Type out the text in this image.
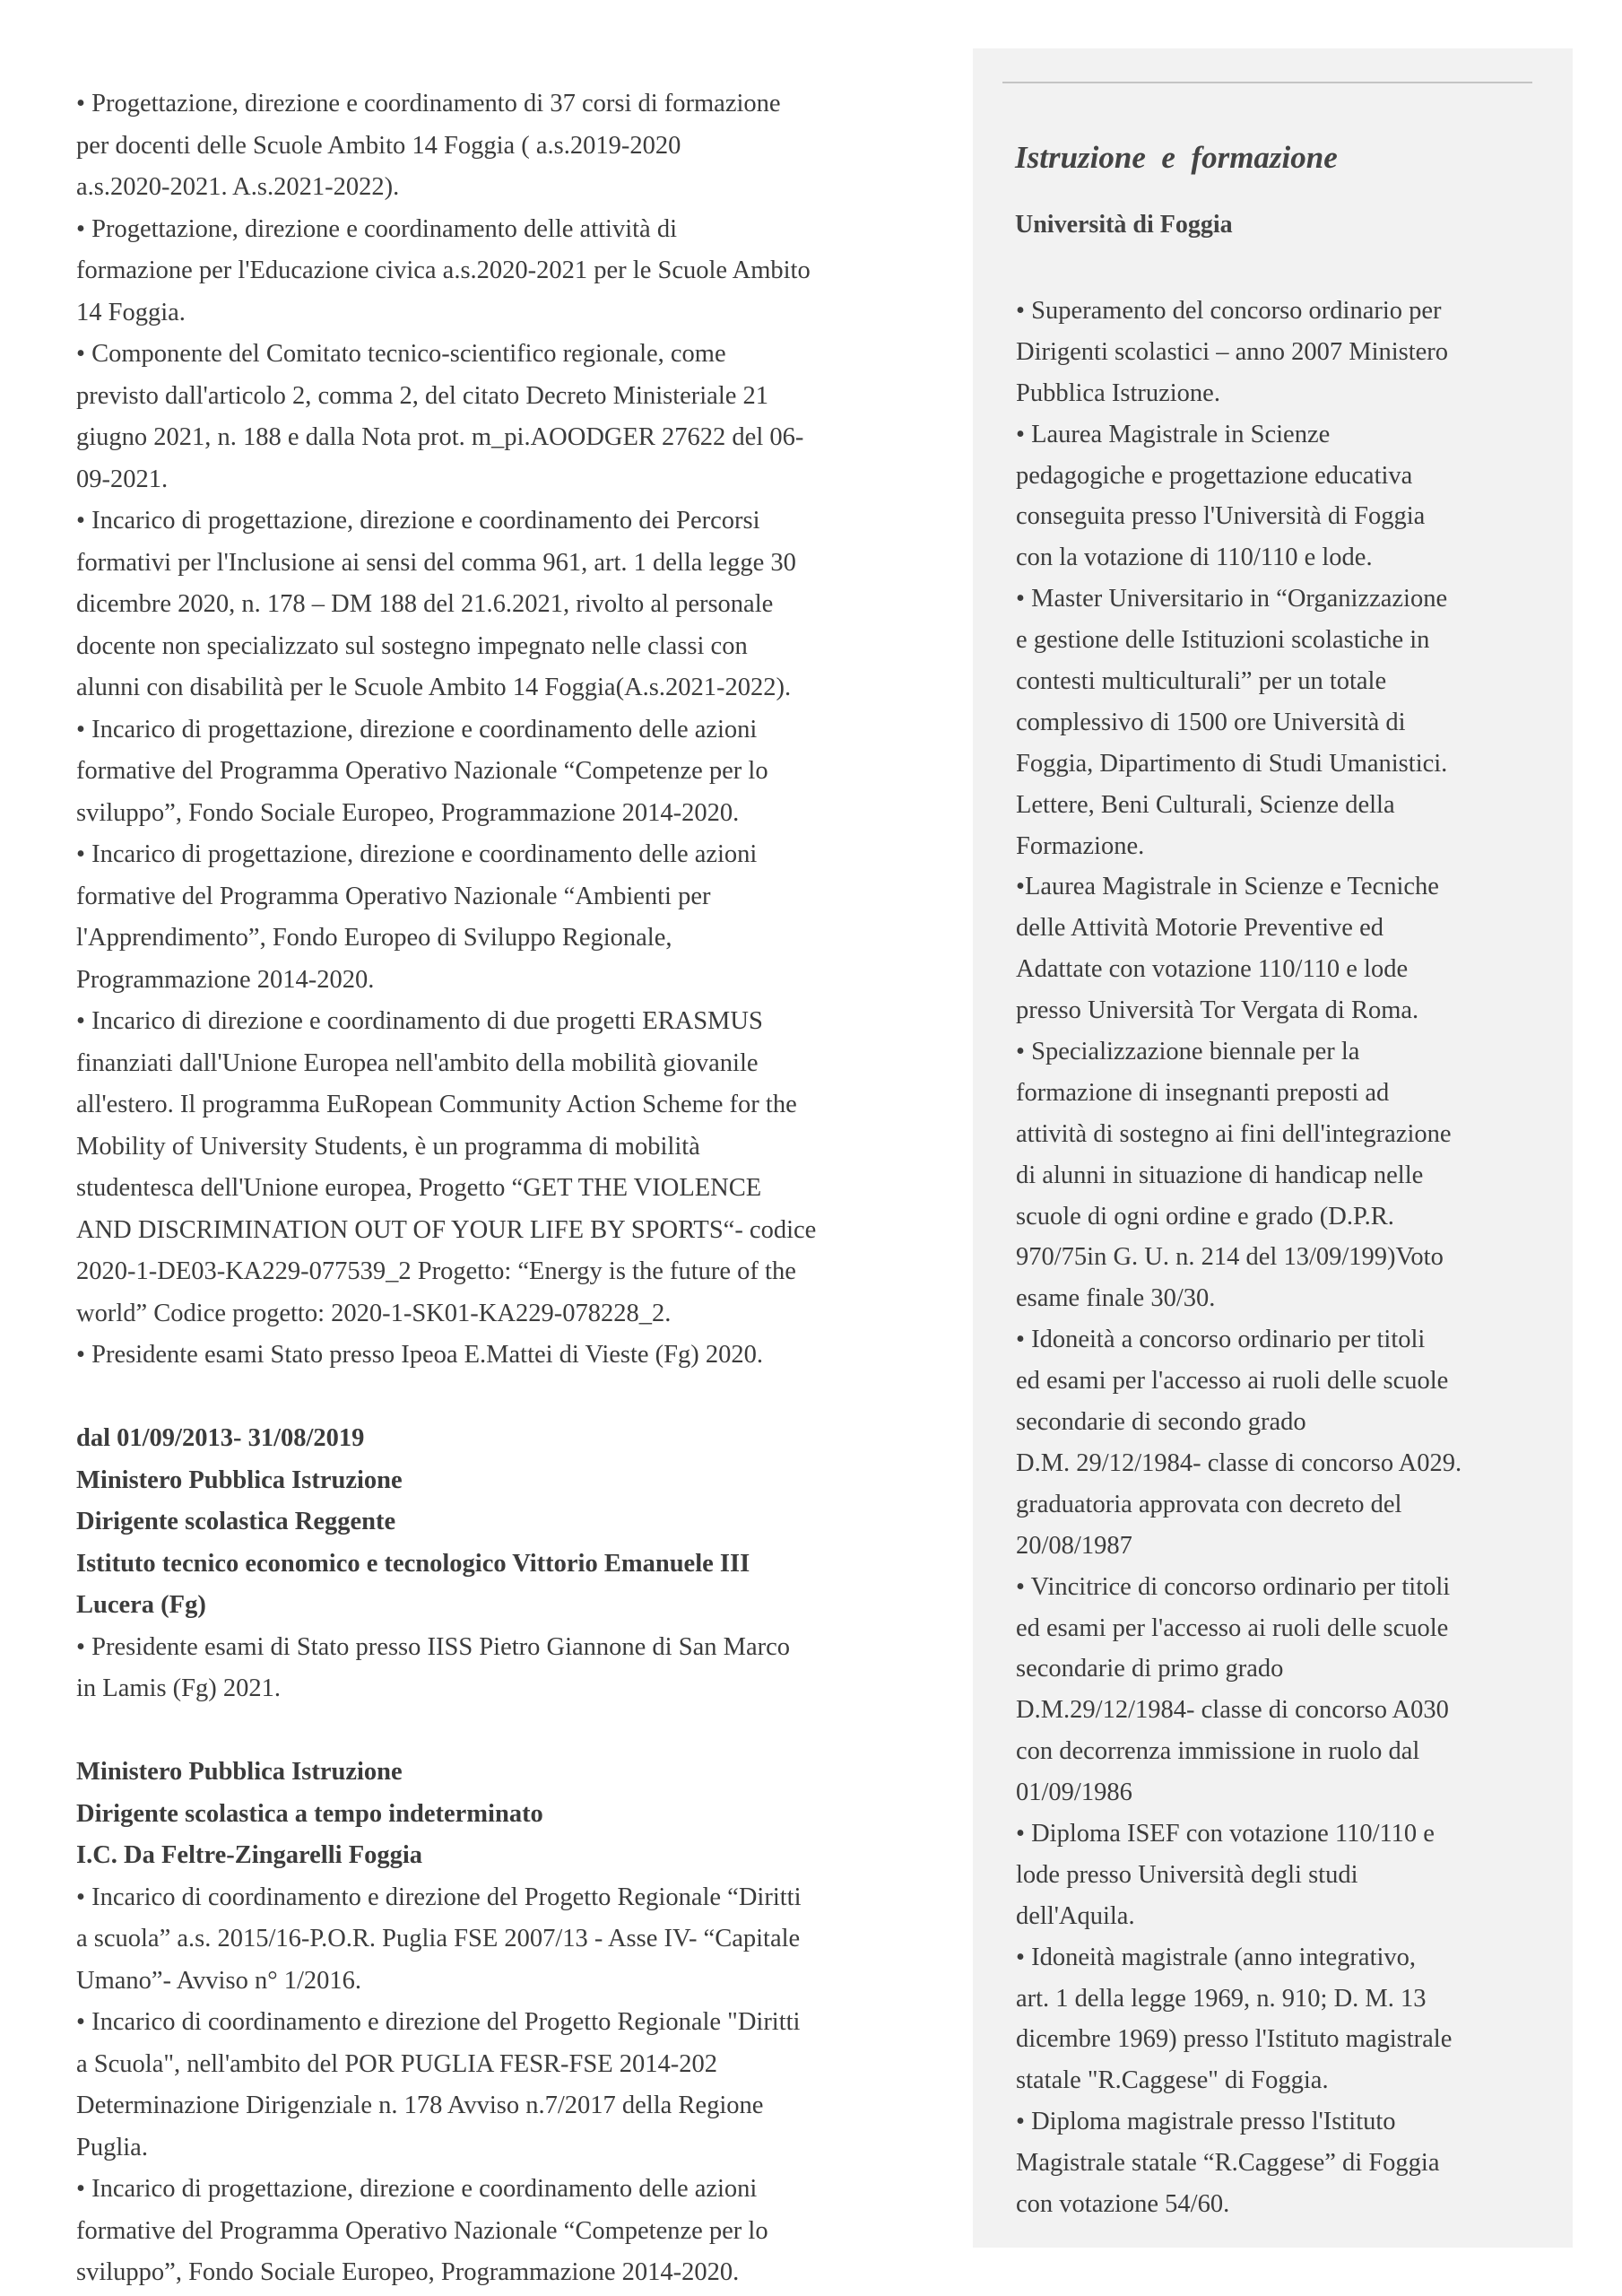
• Progettazione, direzione e coordinamento di 37 corsi di formazione
per docenti delle Scuole Ambito 14 Foggia ( a.s.2019-2020
a.s.2020-2021. A.s.2021-2022).
• Progettazione, direzione e coordinamento delle attività di
formazione per l'Educazione civica a.s.2020-2021 per le Scuole Ambito
14 Foggia.
• Componente del Comitato tecnico-scientifico regionale, come
previsto dall'articolo 2, comma 2, del citato Decreto Ministeriale 21
giugno 2021, n. 188 e dalla Nota prot. m_pi.AOODGER 27622 del 06-
09-2021.
• Incarico di progettazione, direzione e coordinamento dei Percorsi
formativi per l'Inclusione ai sensi del comma 961, art. 1 della legge 30
dicembre 2020, n. 178 – DM 188 del 21.6.2021, rivolto al personale
docente non specializzato sul sostegno impegnato nelle classi con
alunni con disabilità per le Scuole Ambito 14 Foggia(A.s.2021-2022).
• Incarico di progettazione, direzione e coordinamento delle azioni
formative del Programma Operativo Nazionale “Competenze per lo
sviluppo”, Fondo Sociale Europeo, Programmazione 2014-2020.
• Incarico di progettazione, direzione e coordinamento delle azioni
formative del Programma Operativo Nazionale “Ambienti per
l'Apprendimento”, Fondo Europeo di Sviluppo Regionale,
Programmazione 2014-2020.
• Incarico di direzione e coordinamento di due progetti ERASMUS
finanziati dall'Unione Europea nell'ambito della mobilità giovanile
all'estero. Il programma EuRopean Community Action Scheme for the
Mobility of University Students, è un programma di mobilità
studentesca dell'Unione europea, Progetto “GET THE VIOLENCE
AND DISCRIMINATION OUT OF YOUR LIFE BY SPORTS“- codice
2020-1-DE03-KA229-077539_2 Progetto: “Energy is the future of the
world” Codice progetto: 2020-1-SK01-KA229-078228_2.
• Presidente esami Stato presso Ipeoa E.Mattei di Vieste (Fg) 2020.
dal 01/09/2013- 31/08/2019
Ministero Pubblica Istruzione
Dirigente scolastica Reggente
Istituto tecnico economico e tecnologico Vittorio Emanuele III
Lucera (Fg)
• Presidente esami di Stato presso IISS Pietro Giannone di San Marco
in Lamis (Fg) 2021.
Ministero Pubblica Istruzione
Dirigente scolastica a tempo indeterminato
I.C. Da Feltre-Zingarelli Foggia
• Incarico di coordinamento e direzione del Progetto Regionale “Diritti
a scuola” a.s. 2015/16-P.O.R. Puglia FSE 2007/13 - Asse IV- “Capitale
Umano”- Avviso n° 1/2016.
• Incarico di coordinamento e direzione del Progetto Regionale "Diritti
a Scuola", nell'ambito del POR PUGLIA FESR-FSE 2014-202
Determinazione Dirigenziale n. 178 Avviso n.7/2017 della Regione
Puglia.
• Incarico di progettazione, direzione e coordinamento delle azioni
formative del Programma Operativo Nazionale “Competenze per lo
sviluppo”, Fondo Sociale Europeo, Programmazione 2014-2020.
Istruzione  e  formazione
Università di Foggia
• Superamento del concorso ordinario per
Dirigenti scolastici – anno 2007 Ministero
Pubblica Istruzione.
• Laurea Magistrale in Scienze
pedagogiche e progettazione educativa
conseguita presso l'Università di Foggia
con la votazione di 110/110 e lode.
• Master Universitario in “Organizzazione
e gestione delle Istituzioni scolastiche in
contesti multiculturali” per un totale
complessivo di 1500 ore Università di
Foggia, Dipartimento di Studi Umanistici.
Lettere, Beni Culturali, Scienze della
Formazione.
•Laurea Magistrale in Scienze e Tecniche
delle Attività Motorie Preventive ed
Adattate con votazione 110/110 e lode
presso Università Tor Vergata di Roma.
• Specializzazione biennale per la
formazione di insegnanti preposti ad
attività di sostegno ai fini dell'integrazione
di alunni in situazione di handicap nelle
scuole di ogni ordine e grado (D.P.R.
970/75in G. U. n. 214 del 13/09/199)Voto
esame finale 30/30.
• Idoneità a concorso ordinario per titoli
ed esami per l'accesso ai ruoli delle scuole
secondarie di secondo grado
D.M. 29/12/1984- classe di concorso A029.
graduatoria approvata con decreto del
20/08/1987
• Vincitrice di concorso ordinario per titoli
ed esami per l'accesso ai ruoli delle scuole
secondarie di primo grado
D.M.29/12/1984- classe di concorso A030
con decorrenza immissione in ruolo dal
01/09/1986
• Diploma ISEF con votazione 110/110 e
lode presso Università degli studi
dell'Aquila.
• Idoneità magistrale (anno integrativo,
art. 1 della legge 1969, n. 910; D. M. 13
dicembre 1969) presso l'Istituto magistrale
statale "R.Caggese" di Foggia.
• Diploma magistrale presso l'Istituto
Magistrale statale “R.Caggese” di Foggia
con votazione 54/60.
